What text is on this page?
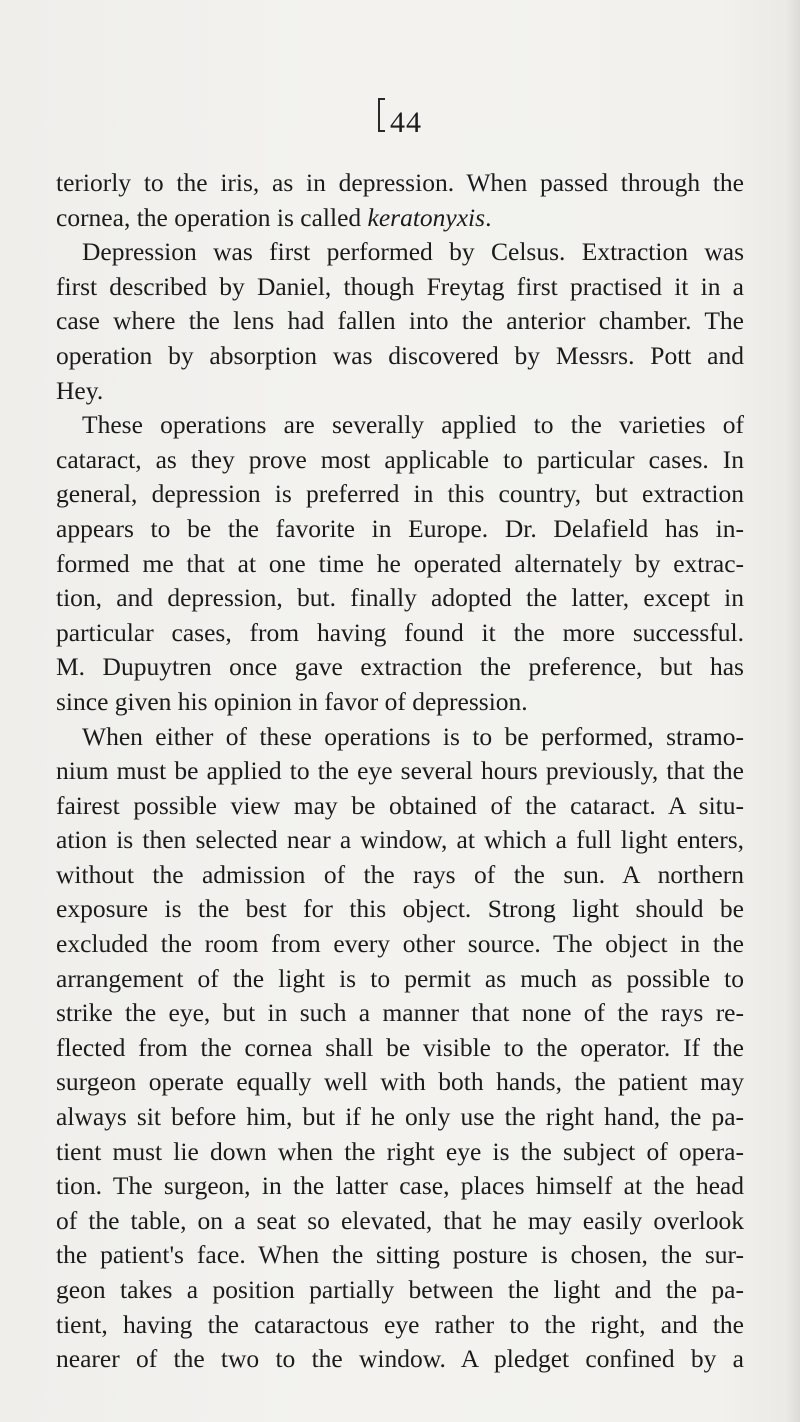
44
teriorly to the iris, as in depression. When passed through the
cornea, the operation is called keratonyxis.
Depression was first performed by Celsus. Extraction was
first described by Daniel, though Freytag first practised it in a
case where the lens had fallen into the anterior chamber. The
operation by absorption was discovered by Messrs. Pott and
Hey.
These operations are severally applied to the varieties of
cataract, as they prove most applicable to particular cases. In
general, depression is preferred in this country, but extraction
appears to be the favorite in Europe. Dr. Delafield has in-
formed me that at one time he operated alternately by extrac-
tion, and depression, but. finally adopted the latter, except in
particular cases, from having found it the more successful.
M. Dupuytren once gave extraction the preference, but has
since given his opinion in favor of depression.
When either of these operations is to be performed, stramo-
nium must be applied to the eye several hours previously, that the
fairest possible view may be obtained of the cataract. A situ-
ation is then selected near a window, at which a full light enters,
without the admission of the rays of the sun. A northern
exposure is the best for this object. Strong light should be
excluded the room from every other source. The object in the
arrangement of the light is to permit as much as possible to
strike the eye, but in such a manner that none of the rays re-
flected from the cornea shall be visible to the operator. If the
surgeon operate equally well with both hands, the patient may
always sit before him, but if he only use the right hand, the pa-
tient must lie down when the right eye is the subject of opera-
tion. The surgeon, in the latter case, places himself at the head
of the table, on a seat so elevated, that he may easily overlook
the patient's face. When the sitting posture is chosen, the sur-
geon takes a position partially between the light and the pa-
tient, having the cataractous eye rather to the right, and the
nearer of the two to the window. A pledget confined by a
